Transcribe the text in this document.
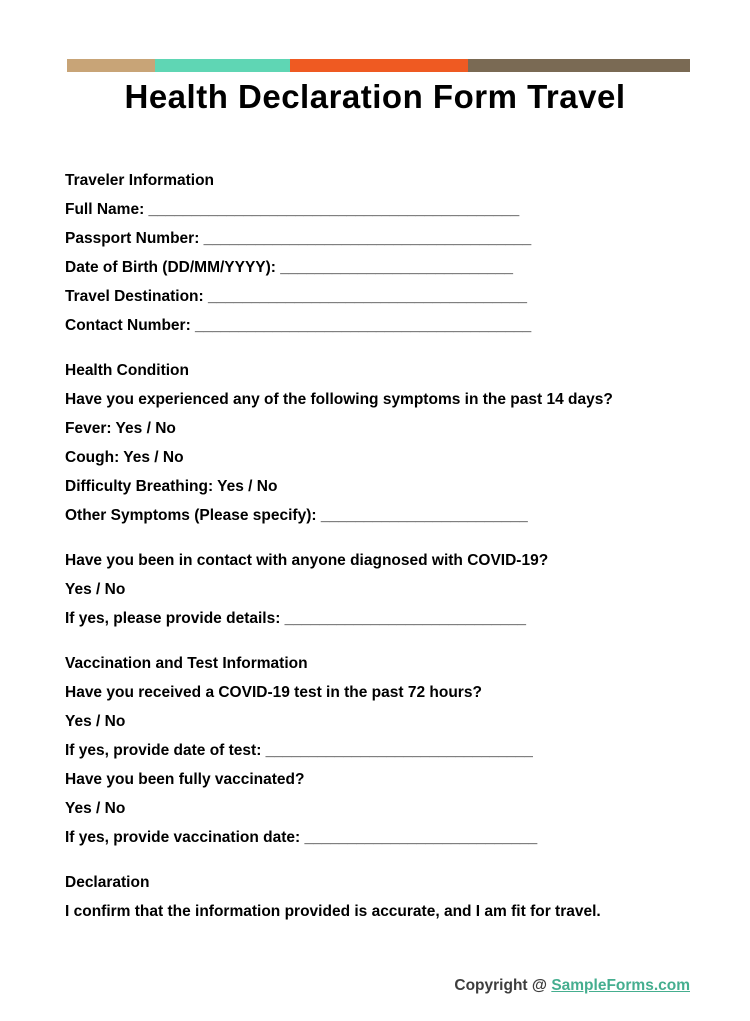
Health Declaration Form Travel

Traveler Information

Full Name: ___________________________________________

Passport Number: ______________________________________

Date of Birth (DD/MM/YYYY): ___________________________

Travel Destination: _____________________________________

Contact Number: _______________________________________

Health Condition

Have you experienced any of the following symptoms in the past 14 days?

Fever: Yes / No

Cough: Yes / No

Difficulty Breathing: Yes / No

Other Symptoms (Please specify): ________________________

Have you been in contact with anyone diagnosed with COVID-19?

Yes / No

If yes, please provide details: ____________________________

Vaccination and Test Information

Have you received a COVID-19 test in the past 72 hours?

Yes / No

If yes, provide date of test: _______________________________

Have you been fully vaccinated?

Yes / No

If yes, provide vaccination date: ___________________________

Declaration

I confirm that the information provided is accurate, and I am fit for travel.

Copyright @ SampleForms.com
